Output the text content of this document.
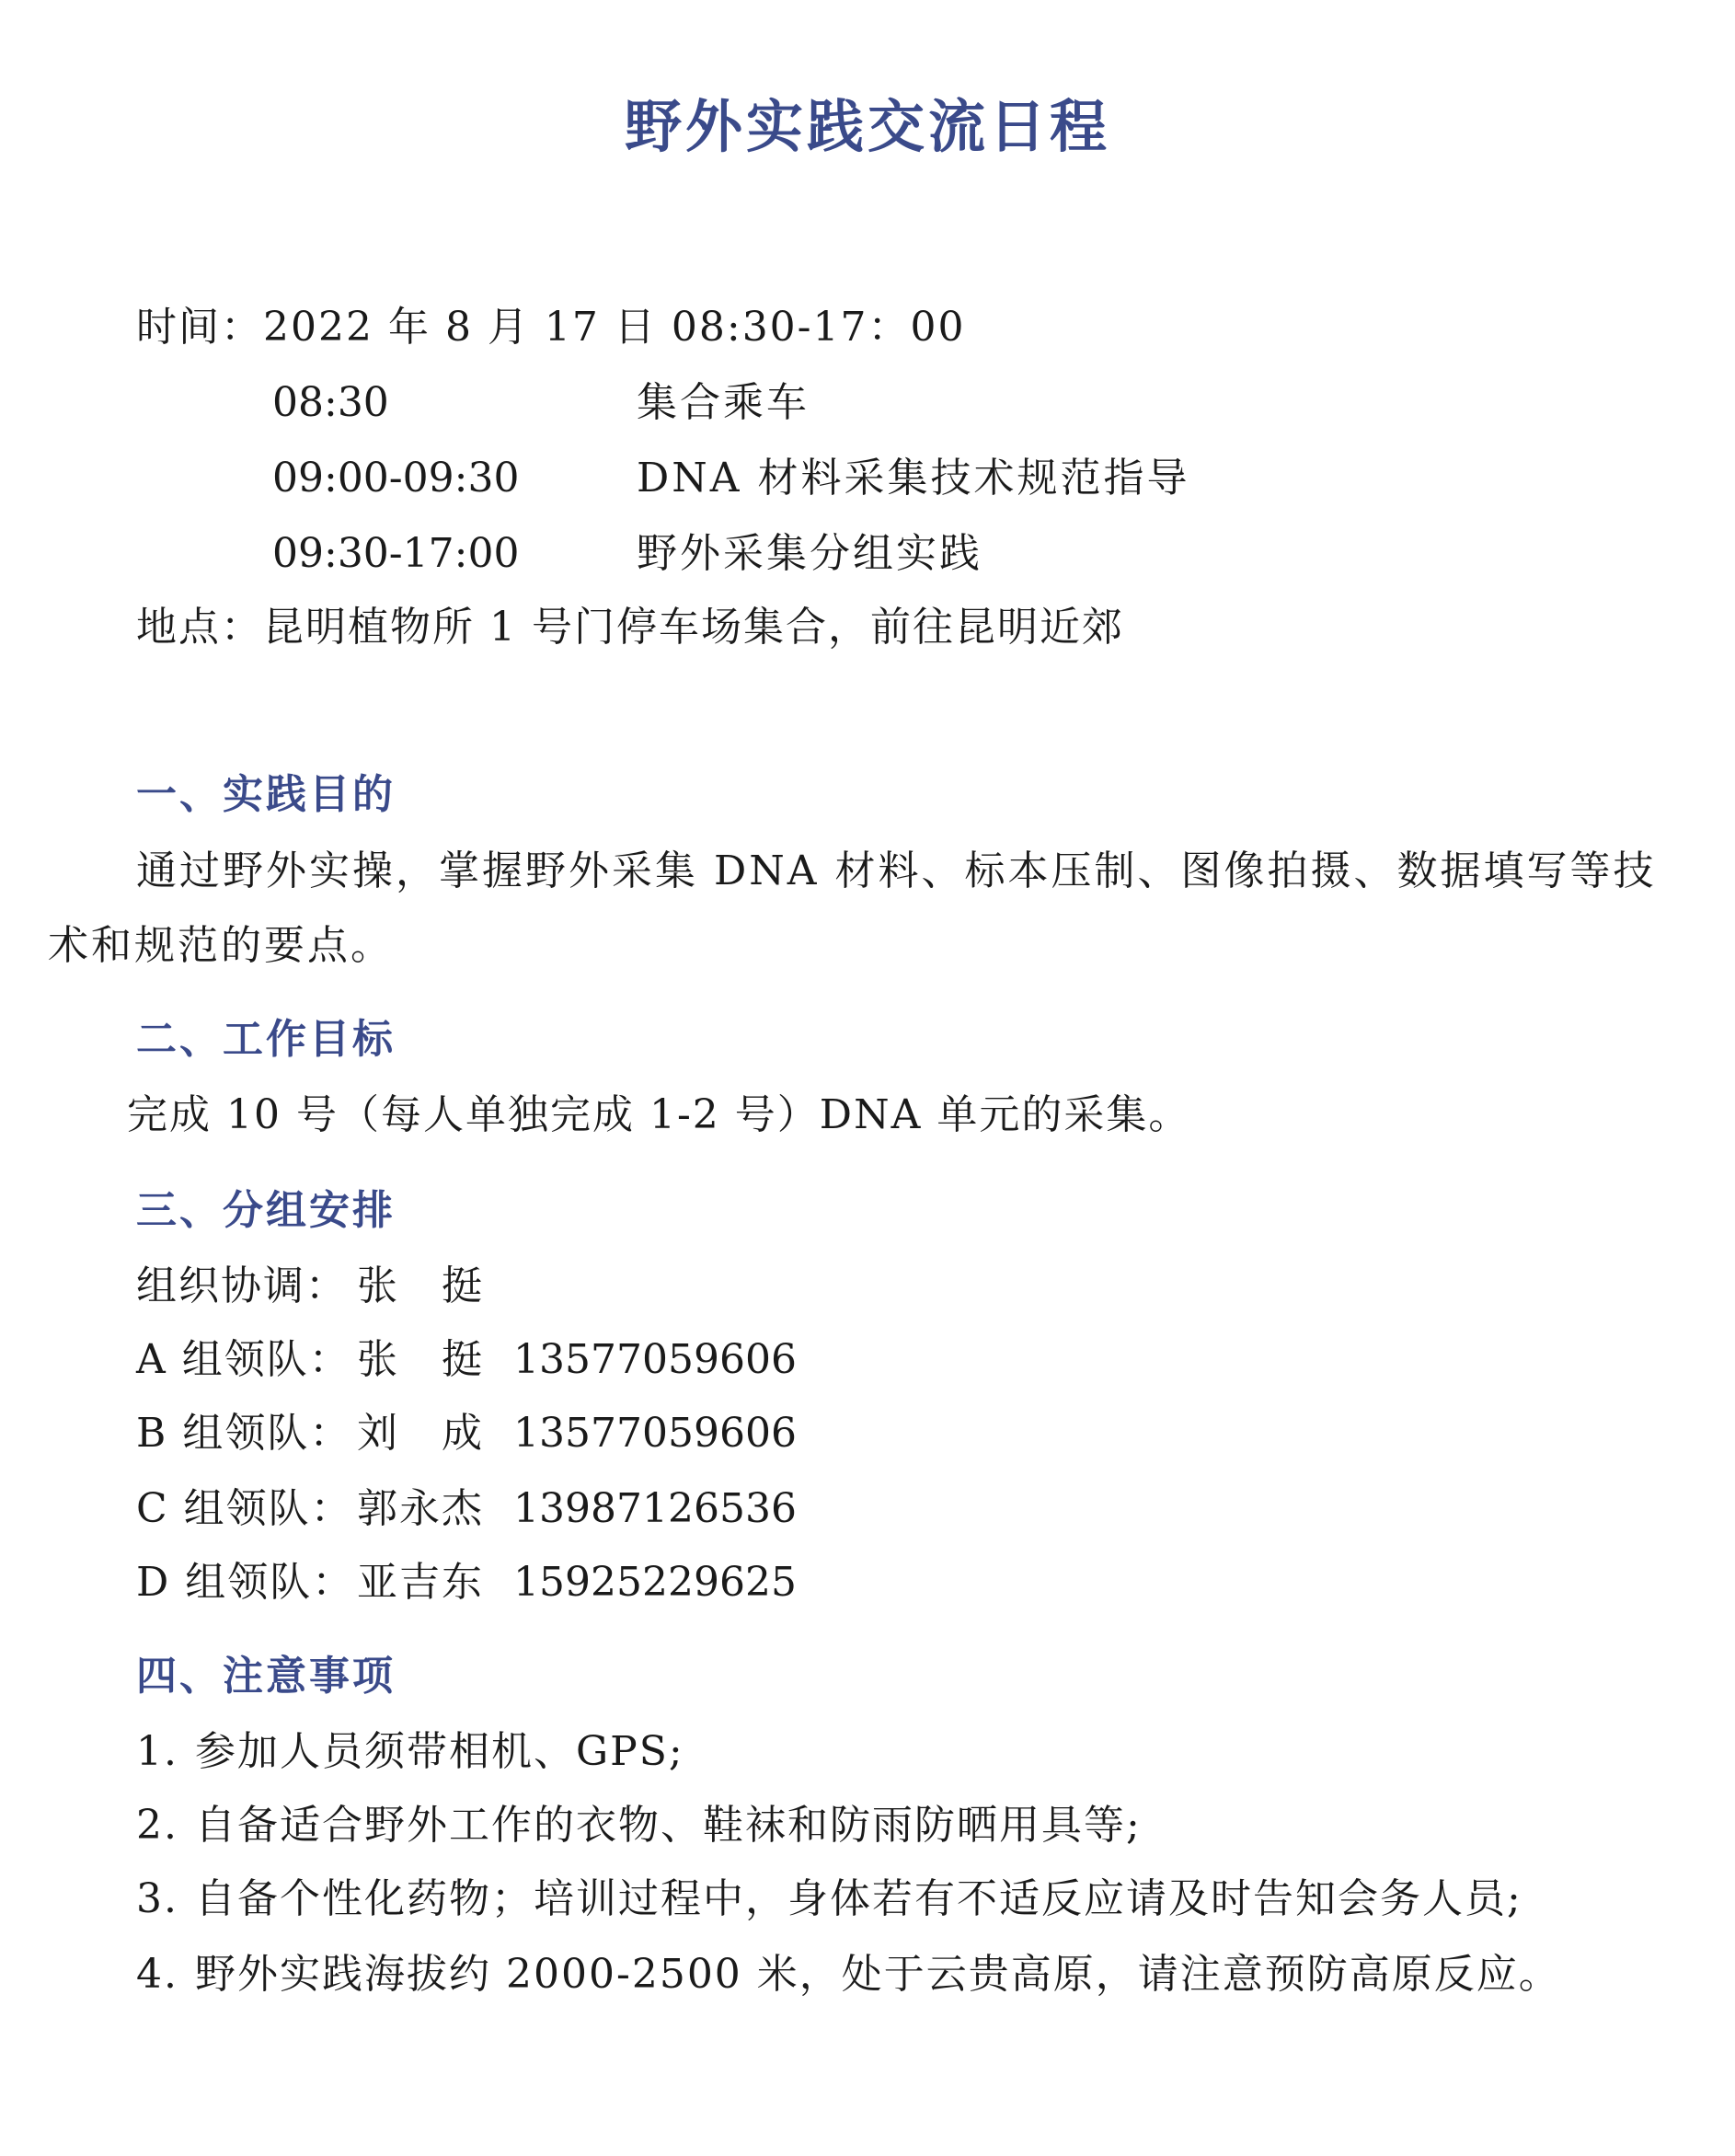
野外实践交流日程
时间：2022 年 8 月 17 日 08:30-17：00
08:30	集合乘车
09:00-09:30	DNA 材料采集技术规范指导
09:30-17:00	野外采集分组实践
地点：昆明植物所 1 号门停车场集合，前往昆明近郊
一、实践目的
通过野外实操，掌握野外采集 DNA 材料、标本压制、图像拍摄、数据填写等技术和规范的要点。
二、工作目标
完成 10 号（每人单独完成 1-2 号）DNA 单元的采集。
三、分组安排
组织协调： 张　挺
A 组领队： 张　挺 13577059606
B 组领队： 刘　成 13577059606
C 组领队：郭永杰 13987126536
D 组领队：亚吉东 15925229625
四、注意事项
1. 参加人员须带相机、GPS;
2. 自备适合野外工作的衣物、鞋袜和防雨防晒用具等;
3. 自备个性化药物；培训过程中，身体若有不适反应请及时告知会务人员;
4. 野外实践海拔约 2000-2500 米，处于云贵高原，请注意预防高原反应。
